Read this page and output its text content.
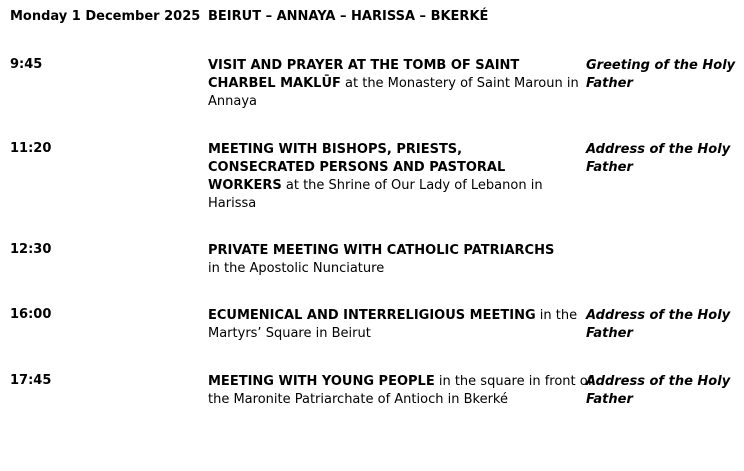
Monday 1 December 2025 BEIRUT – ANNAYA – HARISSA – BKERKÉ
9:45	VISIT AND PRAYER AT THE TOMB OF SAINT CHARBEL MAKLŪF at the Monastery of Saint Maroun in Annaya
Greeting of the Holy Father
11:20	MEETING WITH BISHOPS, PRIESTS, CONSECRATED PERSONS AND PASTORAL WORKERS at the Shrine of Our Lady of Lebanon in Harissa
Address of the Holy Father
12:30	PRIVATE MEETING WITH CATHOLIC PATRIARCHS
in the Apostolic Nunciature
16:00	ECUMENICAL AND INTERRELIGIOUS MEETING in the Martyrs’ Square in Beirut
Address of the Holy Father
17:45	MEETING WITH YOUNG PEOPLE in the square in front of the Maronite Patriarchate of Antioch in Bkerké
Address of the Holy Father
